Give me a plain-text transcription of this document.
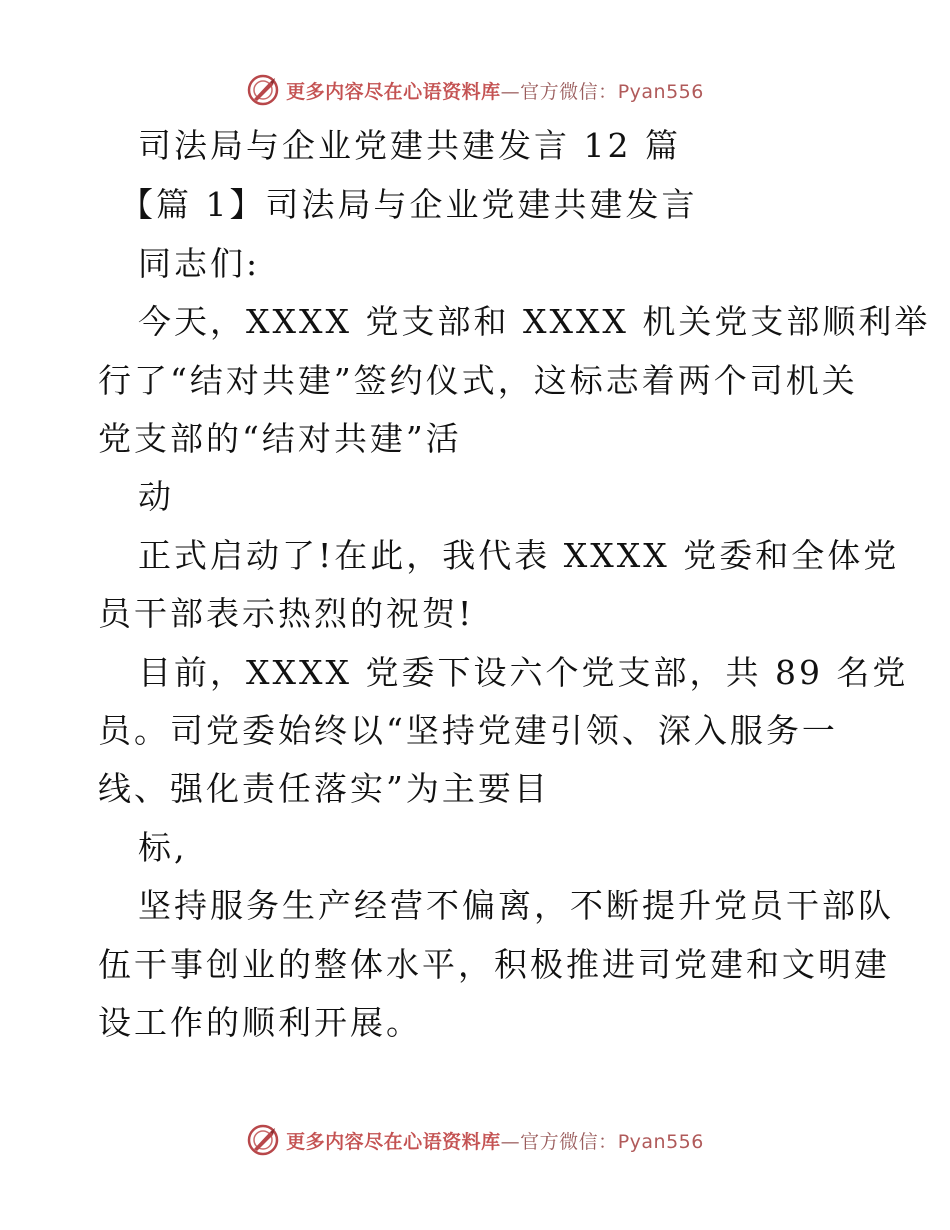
更多内容尽在心语资料库—官方微信：Pyan556
司法局与企业党建共建发言 12 篇
【篇 1】司法局与企业党建共建发言
同志们:
今天，XXXX 党支部和 XXXX 机关党支部顺利举
行了“结对共建”签约仪式，这标志着两个司机关
党支部的“结对共建”活
动
正式启动了!在此，我代表 XXXX 党委和全体党
员干部表示热烈的祝贺!
目前，XXXX 党委下设六个党支部，共 89 名党
员。司党委始终以“坚持党建引领、深入服务一
线、强化责任落实”为主要目
标,
坚持服务生产经营不偏离，不断提升党员干部队
伍干事创业的整体水平，积极推进司党建和文明建
设工作的顺利开展。
更多内容尽在心语资料库—官方微信：Pyan556
